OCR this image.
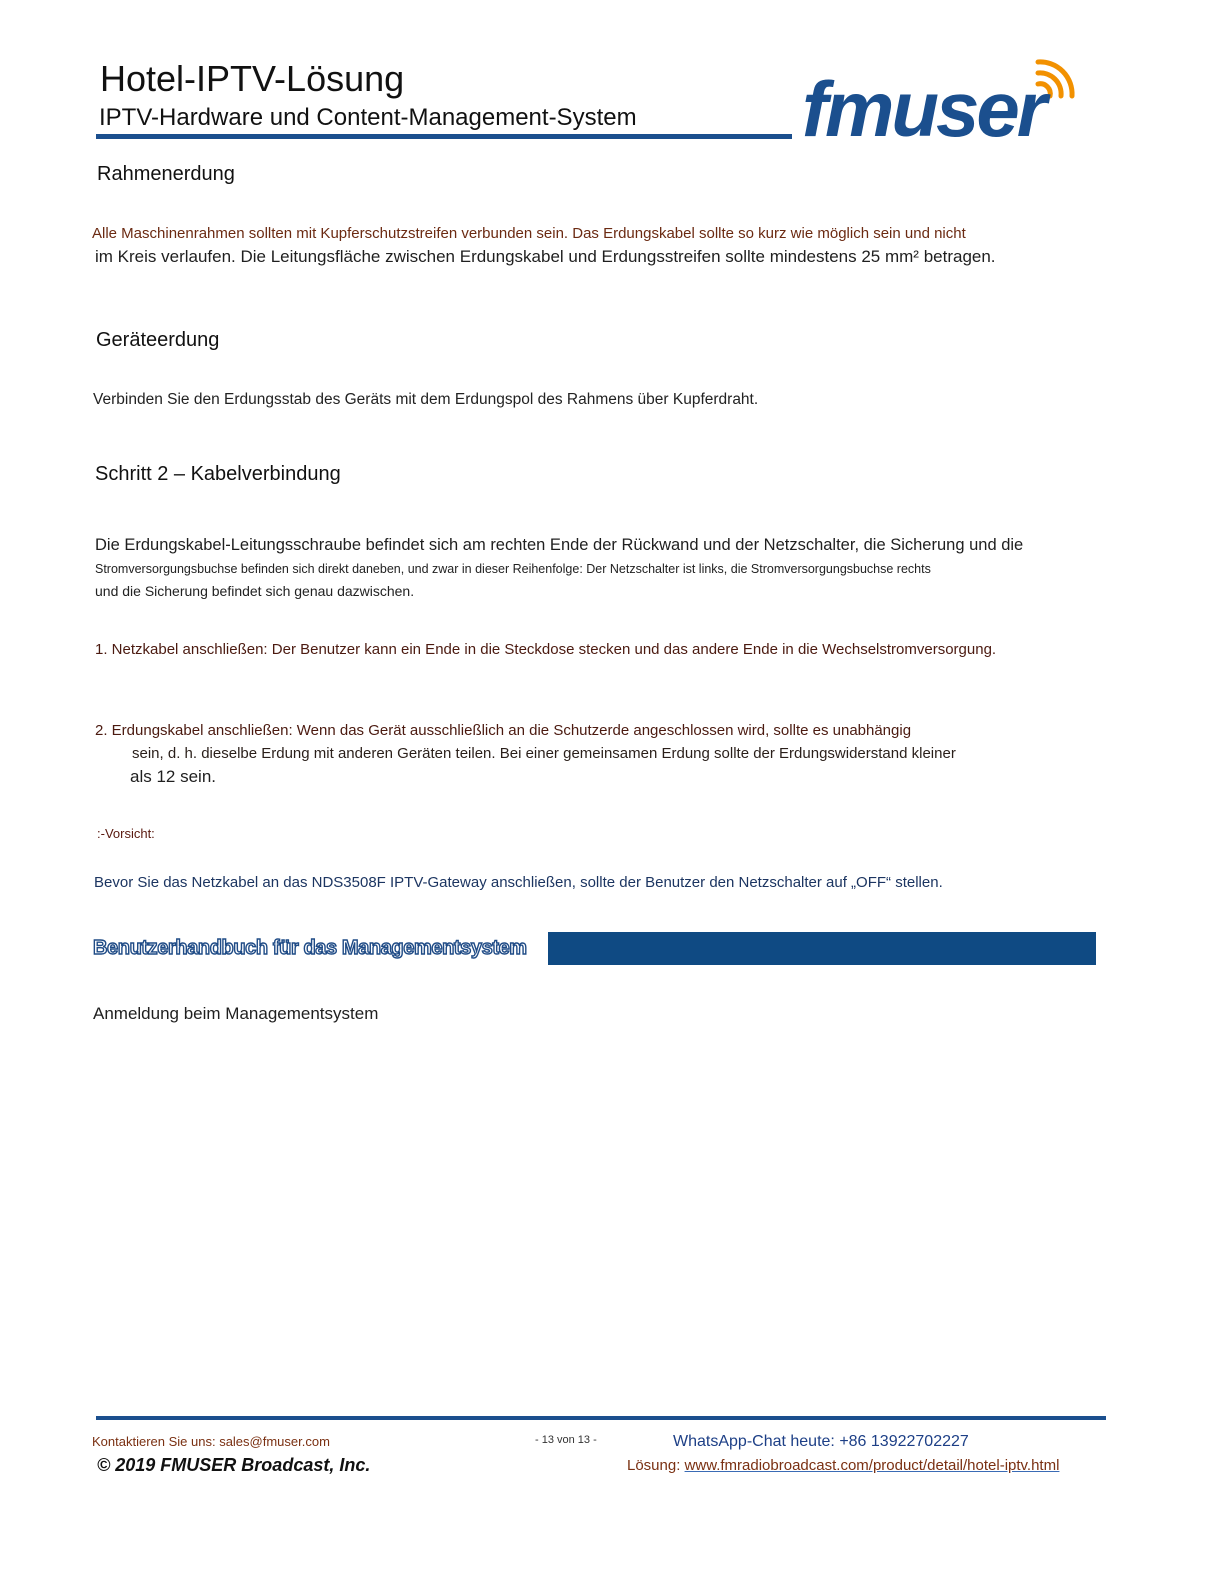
Hotel-IPTV-Lösung
IPTV-Hardware und Content-Management-System fmuser
Rahmenerdung
Alle Maschinenrahmen sollten mit Kupferschutzstreifen verbunden sein. Das Erdungskabel sollte so kurz wie möglich sein und nicht
im Kreis verlaufen. Die Leitungsfläche zwischen Erdungskabel und Erdungsstreifen sollte mindestens 25 mm² betragen.
Geräteerdung
Verbinden Sie den Erdungsstab des Geräts mit dem Erdungspol des Rahmens über Kupferdraht.
Schritt 2 – Kabelverbindung
Die Erdungskabel-Leitungsschraube befindet sich am rechten Ende der Rückwand und der Netzschalter, die Sicherung und die
Stromversorgungsbuchse befinden sich direkt daneben, und zwar in dieser Reihenfolge: Der Netzschalter ist links, die Stromversorgungsbuchse rechts
und die Sicherung befindet sich genau dazwischen.
1. Netzkabel anschließen: Der Benutzer kann ein Ende in die Steckdose stecken und das andere Ende in die Wechselstromversorgung.
2. Erdungskabel anschließen: Wenn das Gerät ausschließlich an die Schutzerde angeschlossen wird, sollte es unabhängig
sein, d. h. dieselbe Erdung mit anderen Geräten teilen. Bei einer gemeinsamen Erdung sollte der Erdungswiderstand kleiner
als 12 sein.
:-Vorsicht:
Bevor Sie das Netzkabel an das NDS3508F IPTV-Gateway anschließen, sollte der Benutzer den Netzschalter auf „OFF“ stellen.
Benutzerhandbuch für das Managementsystem
Anmeldung beim Managementsystem
Kontaktieren Sie uns: sales@fmuser.com	- 13 von 13 -	WhatsApp-Chat heute: +86 13922702227
© 2019 FMUSER Broadcast, Inc.	Lösung: www.fmradiobroadcast.com/product/detail/hotel-iptv.html
